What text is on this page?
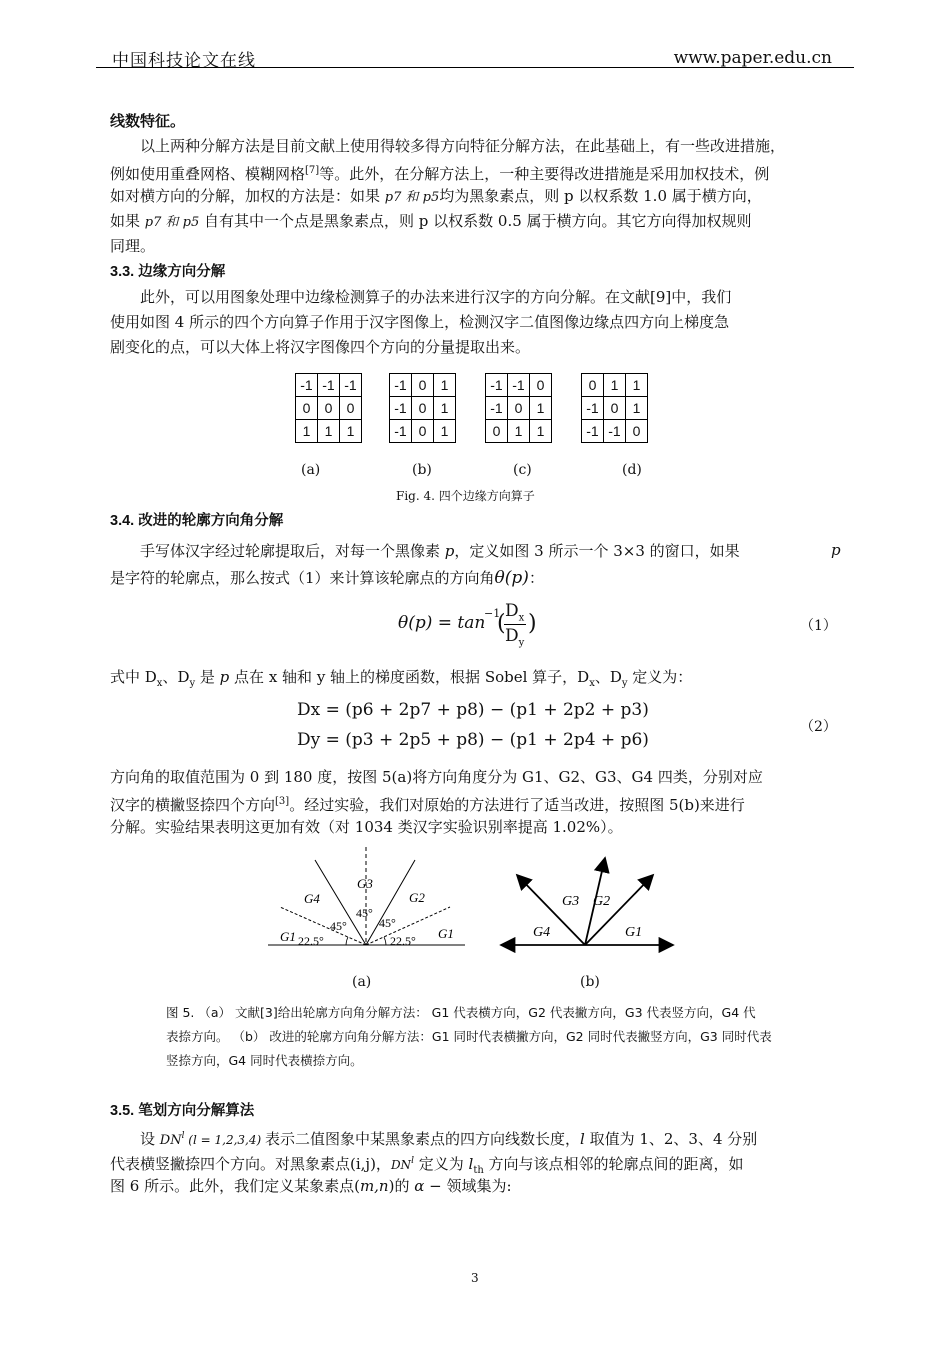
中国科技论文在线	www.paper.edu.cn
线数特征。
以上两种分解方法是目前文献上使用得较多得方向特征分解方法，在此基础上，有一些改进措施，
例如使用重叠网格、模糊网格[7]等。此外，在分解方法上，一种主要得改进措施是采用加权技术，例
如对横方向的分解，加权的方法是：如果 p7 和 p5均为黑象素点，则 p 以权系数 1.0 属于横方向，
如果 p7 和 p5 自有其中一个点是黑象素点，则 p 以权系数 0.5 属于横方向。其它方向得加权规则
同理。
3.3. 边缘方向分解
此外，可以用图象处理中边缘检测算子的办法来进行汉字的方向分解。在文献[9]中，我们
使用如图 4 所示的四个方向算子作用于汉字图像上，检测汉字二值图像边缘点四方向上梯度急
剧变化的点，可以大体上将汉字图像四个方向的分量提取出来。
-1	-1	-1
0	0	0
1	1	1
-1	0	1
-1	0	1
-1	0	1
-1	-1	0
-1	0	1
0	1	1
0	1	1
-1	0	1
-1	-1	0
(a)	(b)	(c)	(d)
Fig. 4. 四个边缘方向算子
3.4. 改进的轮廓方向角分解
手写体汉字经过轮廓提取后，对每一个黑像素 p，定义如图 3 所示一个 3×3 的窗口，如果	p
是字符的轮廓点，那么按式（1）来计算该轮廓点的方向角θ(p)：
θ(p) = tan
−1
( $D_x$
$D_y$
)	（1）
式中 $D_x$、$D_y$ 是 p 点在 x 轴和 y 轴上的梯度函数，根据 Sobel 算子，$D_x$、$D_y$ 定义为：
Dx = (p6 + 2p7 + p8) − (p1 + 2p2 + p3)
Dy = (p3 + 2p5 + p8) − (p1 + 2p4 + p6)
（2）
方向角的取值范围为 0 到 180 度，按图 5(a)将方向角度分为 G1、G2、G3、G4 四类，分别对应
汉字的横撇竖捺四个方向[3]。经过实验，我们对原始的方法进行了适当改进，按照图 5(b)来进行
分解。实验结果表明这更加有效（对 1034 类汉字实验识别率提高 1.02%）。
G4
G3
G2
G1	G1
22.5°	22.5°
45°
45°
45°
G3 G2
G4	G1
(a)	(b)
图 5. （a） 文献[3]给出轮廓方向角分解方法： G1 代表横方向，G2 代表撇方向，G3 代表竖方向，G4 代
表捺方向。 （b） 改进的轮廓方向角分解方法：G1 同时代表横撇方向，G2 同时代表撇竖方向，G3 同时代表
竖捺方向，G4 同时代表横捺方向。
3.5. 笔划方向分解算法
设 $DN^l$ (l = 1,2,3,4) 表示二值图象中某黑象素点的四方向线数长度，l 取值为 1、2、3、4 分别
代表横竖撇捺四个方向。对黑象素点(i,j)，$DN^l$ 定义为 $l_{th}$ 方向与该点相邻的轮廓点间的距离，如
图 6 所示。此外，我们定义某象素点(m,n)的 α − 领域集为:
3
